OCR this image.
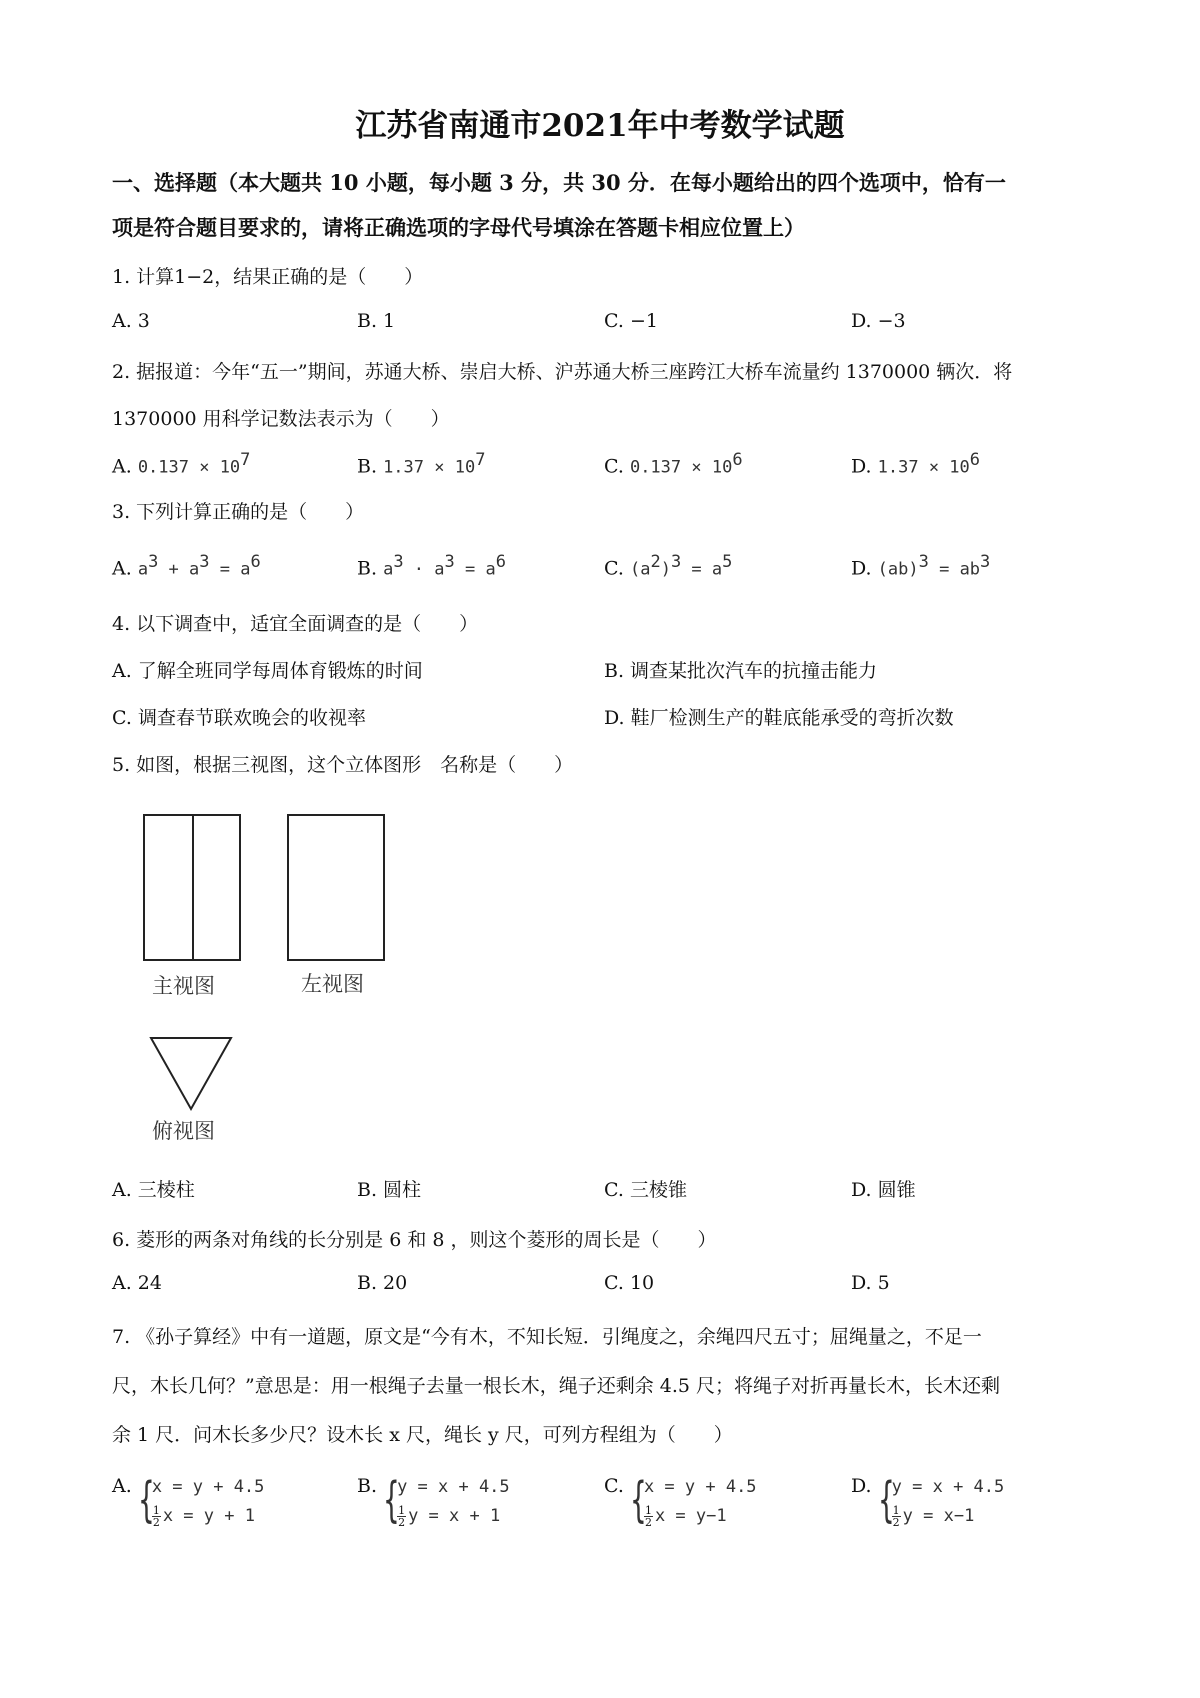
江苏省南通市2021年中考数学试题
一、选择题（本大题共 10 小题，每小题 3 分，共 30 分．在每小题给出的四个选项中，恰有一
项是符合题目要求的，请将正确选项的字母代号填涂在答题卡相应位置上）
1. 计算1−2，结果正确的是（　　）
A. 3	B. 1	C. −1	D. −3
2. 据报道：今年“五一”期间，苏通大桥、崇启大桥、沪苏通大桥三座跨江大桥车流量约 1370000 辆次．将
1370000 用科学记数法表示为（　　）
A. $0.137 \times 10^7$	B. $1.37 \times 10^7$	C. $0.137 \times 10^6$	D. $1.37 \times 10^6$
3. 下列计算正确的是（　　）
A. $a^3 + a^3 = a^6$	B. $a^3 \cdot a^3 = a^6$	C. $(a^2)^3 = a^5$	D. $(ab)^3 = ab^3$
4. 以下调查中，适宜全面调查的是（　　）
A. 了解全班同学每周体育锻炼的时间	B. 调查某批次汽车的抗撞击能力
C. 调查春节联欢晚会的收视率	D. 鞋厂检测生产的鞋底能承受的弯折次数
5. 如图，根据三视图，这个立体图形　名称是（　　）
主视图	左视图
俯视图
A. 三棱柱	B. 圆柱	C. 三棱锥	D. 圆锥
6. 菱形的两条对角线的长分别是 6 和 8 ，则这个菱形的周长是（　　）
A. 24	B. 20	C. 10	D. 5
7. 《孙子算经》中有一道题，原文是“今有木，不知长短．引绳度之，余绳四尺五寸；屈绳量之，不足一
尺，木长几何？”意思是：用一根绳子去量一根长木，绳子还剩余 4.5 尺；将绳子对折再量长木，长木还剩
余 1 尺．问木长多少尺？设木长 x 尺，绳长 y 尺，可列方程组为（　　）
A. {
x = y + 4.5

$\frac{1}{2}$ x = y + 1
B. {
y = x + 4.5

$\frac{1}{2}$ y = x + 1
C. {
x = y + 4.5

$\frac{1}{2}$ x = y−1
D. {
y = x + 4.5

$\frac{1}{2}$ y = x−1
